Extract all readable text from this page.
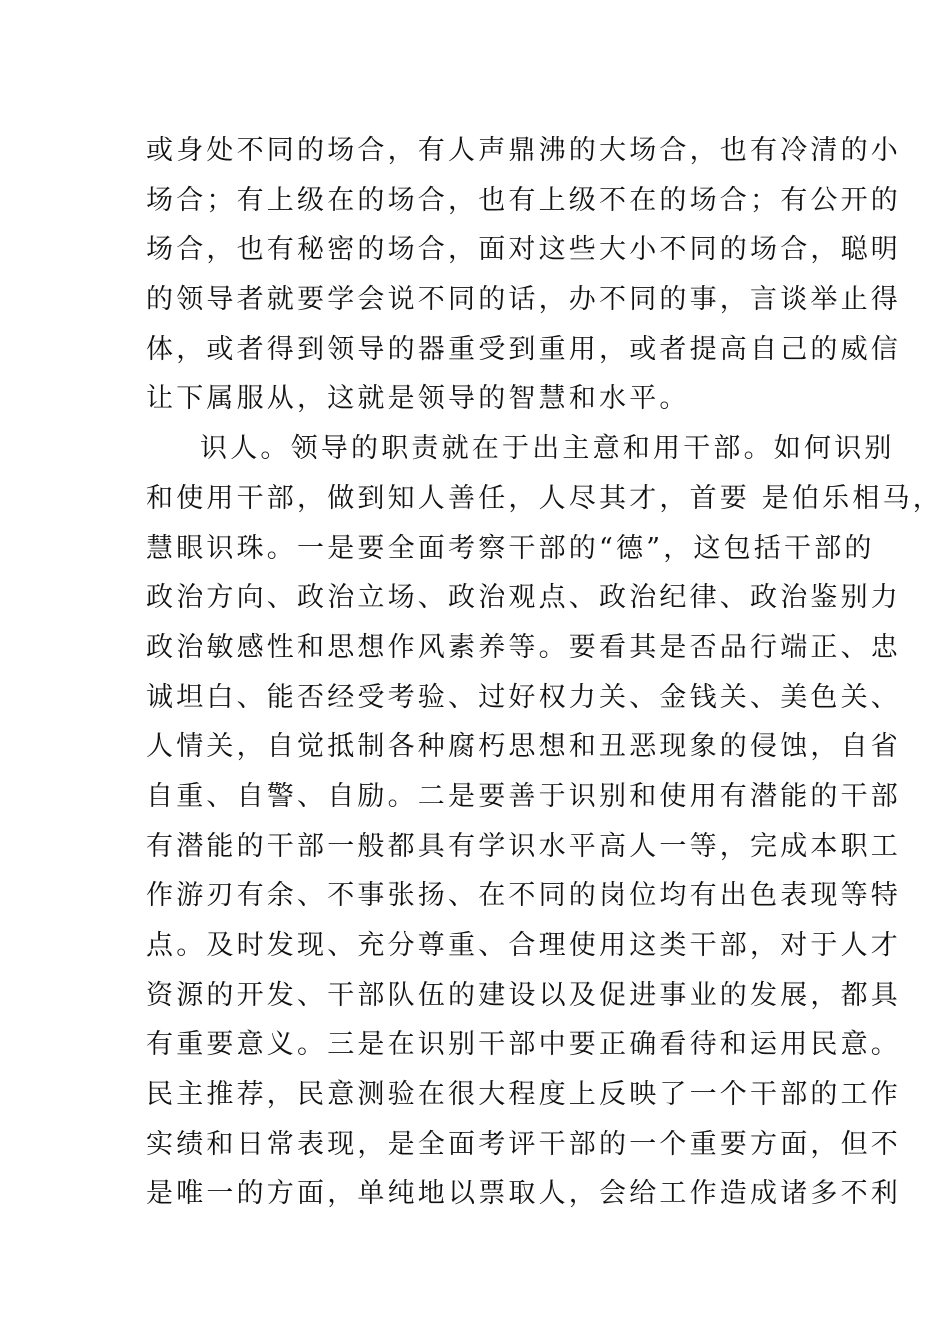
或身处不同的场合，有人声鼎沸的大场合，也有冷清的小
场合；有上级在的场合，也有上级不在的场合；有公开的
场合，也有秘密的场合，面对这些大小不同的场合，聪明
的领导者就要学会说不同的话，办不同的事，言谈举止得
体，或者得到领导的器重受到重用，或者提高自己的威信
让下属服从，这就是领导的智慧和水平。
识人。领导的职责就在于出主意和用干部。如何识别
和使用干部，做到知人善任，人尽其才，首要 是伯乐相马，
慧眼识珠。一是要全面考察干部的“德”，这包括干部的
政治方向、政治立场、政治观点、政治纪律、政治鉴别力
政治敏感性和思想作风素养等。要看其是否品行端正、忠
诚坦白、能否经受考验、过好权力关、金钱关、美色关、
人情关，自觉抵制各种腐朽思想和丑恶现象的侵蚀，自省
自重、自警、自励。二是要善于识别和使用有潜能的干部
有潜能的干部一般都具有学识水平高人一等，完成本职工
作游刃有余、不事张扬、在不同的岗位均有出色表现等特
点。及时发现、充分尊重、合理使用这类干部，对于人才
资源的开发、干部队伍的建设以及促进事业的发展，都具
有重要意义。三是在识别干部中要正确看待和运用民意。
民主推荐，民意测验在很大程度上反映了一个干部的工作
实绩和日常表现，是全面考评干部的一个重要方面，但不
是唯一的方面，单纯地以票取人，会给工作造成诸多不利
